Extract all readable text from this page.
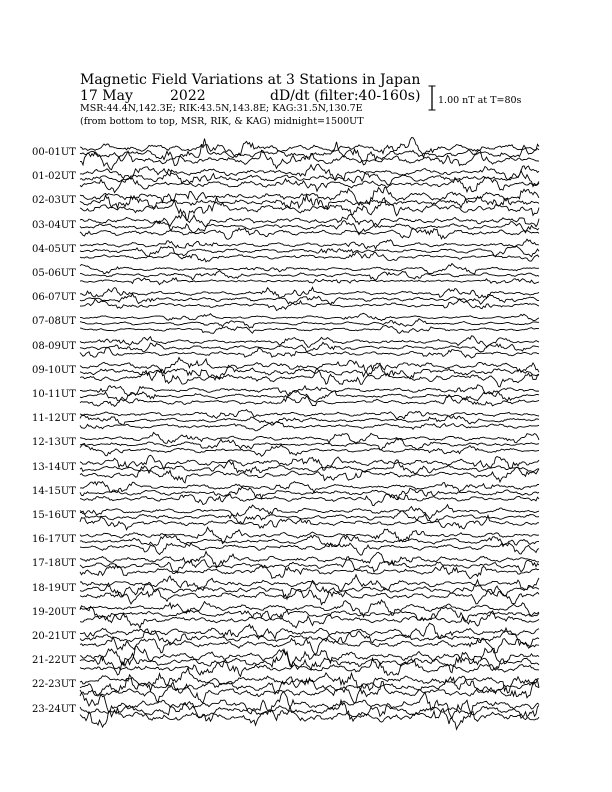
Magnetic Field Variations at 3 Stations in Japan
17 May	2022	dD/dt (filter:40-160s)
MSR:44.4N,142.3E; RIK:43.5N,143.8E; KAG:31.5N,130.7E
(from bottom to top, MSR, RIK, & KAG) midnight=1500UT
1.00 nT at T=80s
00-01UT
01-02UT
02-03UT
03-04UT
04-05UT
05-06UT
06-07UT
07-08UT
08-09UT
09-10UT
10-11UT
11-12UT
12-13UT
13-14UT
14-15UT
15-16UT
16-17UT
17-18UT
18-19UT
19-20UT
20-21UT
21-22UT
22-23UT
23-24UT
